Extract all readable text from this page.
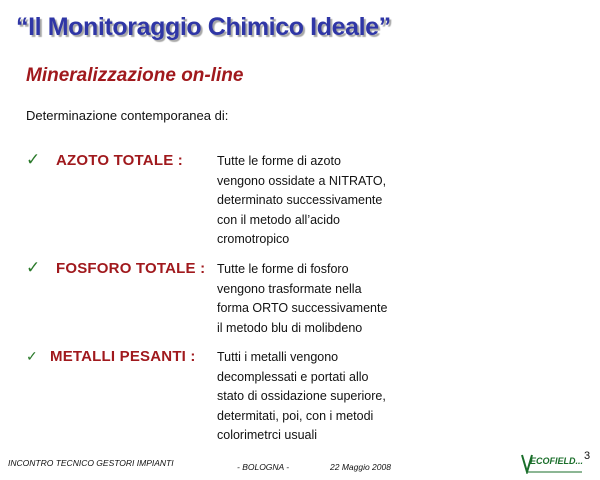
“Il Monitoraggio Chimico Ideale”
Mineralizzazione on-line
Determinazione contemporanea di:
✓ AZOTO TOTALE :	Tutte le forme di azoto
vengono ossidate a NITRATO,
determinato successivamente
con il metodo all’acido
cromotropico
✓ FOSFORO TOTALE : Tutte le forme di fosforo
vengono trasformate nella
forma ORTO successivamente
il metodo blu di molibdeno
✓ METALLI PESANTI : Tutti i metalli vengono
decomplessati e portati allo
stato di ossidazione superiore,
determitati, poi, con i metodi
colorimetrci usuali
INCONTRO TECNICO GESTORI IMPIANTI	- BOLOGNA -	22 Maggio 2008
ECOFIELD... 3
